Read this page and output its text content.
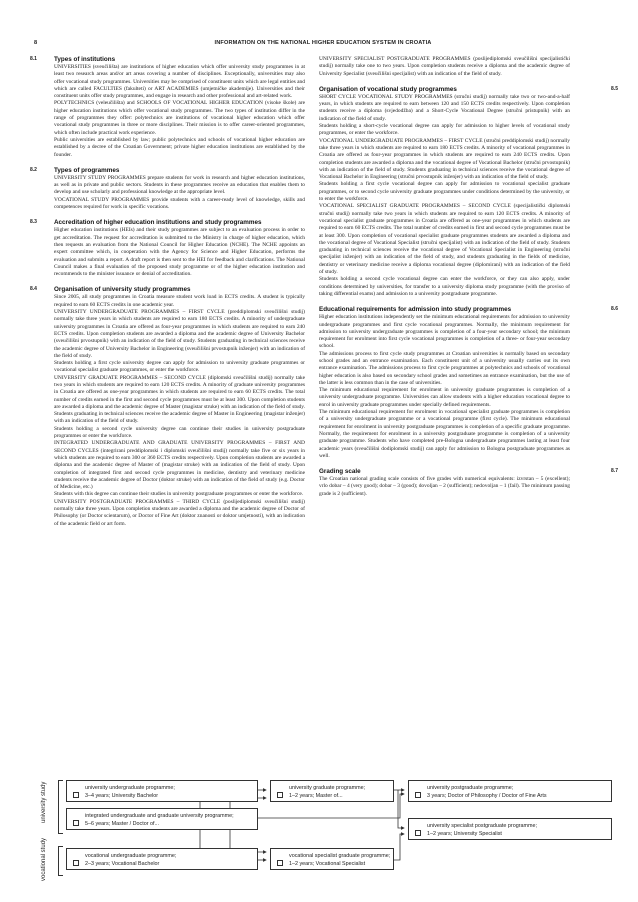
8	INFORMATION ON THE NATIONAL HIGHER EDUCATION SYSTEM IN CROATIA
8.1	Types of institutions

UNIVERSITIES (sveučilišta) are institutions of higher education which offer university study programmes in at least two research areas and/or art areas covering a number of disciplines. Exceptionally, universities may also offer vocational study programmes. Universities may be comprised of constituent units which are legal entities and which are called FACULTIES (fakulteti) or ART ACADEMIES (umjetničke akademije). Universities and their constituent units offer study programmes, and engage in research and other professional and art-related work.

POLYTECHNICS (veleučilišta) and SCHOOLS OF VOCATIONAL HIGHER EDUCATION (visoke škole) are higher education institutions which offer vocational study programmes. The two types of institution differ in the range of programmes they offer: polytechnics are institutions of vocational higher education which offer vocational study programmes in three or more disciplines. Their mission is to offer career-oriented programmes, which often include practical work experience.

Public universities are established by law; public polytechnics and schools of vocational higher education are established by a decree of the Croatian Government; private higher education institutions are established by the founder.

8.2	Types of programmes

UNIVERSITY STUDY PROGRAMMES prepare students for work in research and higher education institutions, as well as in private and public sectors. Students in these programmes receive an education that enables them to develop and use scholarly and professional knowledge at the appropriate level.

VOCATIONAL STUDY PROGRAMMES provide students with a career-ready level of knowledge, skills and competences required for work in specific vocations.

8.3	Accreditation of higher education institutions and study programmes

Higher education institutions (HEIs) and their study programmes are subject to an evaluation process in order to get accreditation. The request for accreditation is submitted to the Ministry in charge of higher education, which then requests an evaluation from the National Council for Higher Education (NCHE). The NCHE appoints an expert committee which, in cooperation with the Agency for Science and Higher Education, performs the evaluation and submits a report. A draft report is then sent to the HEI for feedback and clarifications. The National Council makes a final evaluation of the proposed study programme or of the higher education institution and recommends to the minister issuance or denial of accreditation.

8.4	Organisation of university study programmes

Since 2005, all study programmes in Croatia measure student work load in ECTS credits. A student is typically required to earn 60 ECTS credits in one academic year.

UNIVERSITY UNDERGRADUATE PROGRAMMES – FIRST CYCLE (preddiplomski sveučilišni studij) normally take three years in which students are required to earn 180 ECTS credits. A minority of undergraduate university programmes in Croatia are offered as four-year programmes in which students are required to earn 240 ECTS credits. Upon completion students are awarded a diploma and the academic degree of University Bachelor (sveučilišni prvostupnik) with an indication of the field of study. Students graduating in technical sciences receive the academic degree of University Bachelor in Engineering (sveučilišni prvostupnik inženjer) with an indication of the field of study.

Students holding a first cycle university degree can apply for admission to university graduate programmes or vocational specialist graduate programmes, or enter the workforce.

UNIVERSITY GRADUATE PROGRAMMES – SECOND CYCLE (diplomski sveučilišni studij) normally take two years in which students are required to earn 120 ECTS credits. A minority of graduate university programmes in Croatia are offered as one-year programmes in which students are required to earn 60 ECTS credits. The total number of credits earned in the first and second cycle programmes must be at least 300. Upon completion students are awarded a diploma and the academic degree of Master (magistar struke) with an indication of the field of study. Students graduating in technical sciences receive the academic degree of Master in Engineering (magistar inženjer) with an indication of the field of study.

Students holding a second cycle university degree can continue their studies in university postgraduate programmes or enter the workforce.

INTEGRATED UNDERGRADUATE AND GRADUATE UNIVERSITY PROGRAMMES – FIRST AND SECOND CYCLES (integrirani preddiplomski i diplomski sveučilišni studij) normally take five or six years in which students are required to earn 300 or 360 ECTS credits respectively. Upon completion students are awarded a diploma and the academic degree of Master of (magistar struke) with an indication of the field of study. Upon completion of integrated first and second cycle programmes in medicine, dentistry and veterinary medicine students receive the academic degree of Doctor (doktor struke) with an indication of the field of study (e.g. Doctor of Medicine, etc.)

Students with this degree can continue their studies in university postgraduate programmes or enter the workforce.

UNIVERSITY POSTGRADUATE PROGRAMMES – THIRD CYCLE (poslijediplomski sveučilišni studij) normally take three years. Upon completion students are awarded a diploma and the academic degree of Doctor of Philosophy (or Doctor scientarum), or Doctor of Fine Art (doktor znanosti or doktor umjetnosti), with an indication of the academic field or art form.

UNIVERSITY SPECIALIST POSTGRADUATE PROGRAMMES (poslijediplomski sveučilišni specijalistički studij) normally take one to two years. Upon completion students receive a diploma and the academic degree of University Specialist (sveučilišni specijalist) with an indication of the field of study.

8.5
Organisation of vocational study programmes

SHORT CYCLE VOCATIONAL STUDY PROGRAMMES (stručni studij) normally take two or two-and-a-half years, in which students are required to earn between 120 and 150 ECTS credits respectively. Upon completion students receive a diploma (svjedodžba) and a Short-Cycle Vocational Degree (stručni pristupnik) with an indication of the field of study.

Students holding a short-cycle vocational degree can apply for admission to higher levels of vocational study programmes, or enter the workforce.

VOCATIONAL UNDERGRADUATE PROGRAMMES – FIRST CYCLE (stručni preddiplomski studij) normally take three years in which students are required to earn 180 ECTS credits. A minority of vocational programmes in Croatia are offered as four-year programmes in which students are required to earn 240 ECTS credits. Upon completion students are awarded a diploma and the vocational degree of Vocational Bachelor (stručni prvostupnik) with an indication of the field of study. Students graduating in technical sciences receive the vocational degree of Vocational Bachelor in Engineering (stručni prvostupnik inženjer) with an indication of the field of study.

Students holding a first cycle vocational degree can apply for admission to vocational specialist graduate programmes, or to second cycle university graduate programmes under conditions determined by the university, or to enter the workforce.

VOCATIONAL SPECIALIST GRADUATE PROGRAMMES – SECOND CYCLE (specijalistički diplomski stručni studij) normally take two years in which students are required to earn 120 ECTS credits. A minority of vocational specialist graduate programmes in Croatia are offered as one-year programmes in which students are required to earn 60 ECTS credits. The total number of credits earned in first and second cycle programmes must be at least 300. Upon completion of vocational specialist graduate programmes students are awarded a diploma and the vocational degree of Vocational Specialist (stručni specijalist) with an indication of the field of study. Students graduating in technical sciences receive the vocational degree of Vocational Specialist in Engineering (stručni specijalist inženjer) with an indication of the field of study, and students graduating in the fields of medicine, dentistry or veterinary medicine receive a diploma vocational degree (diplomirani) with an indication of the field of study.

Students holding a second cycle vocational degree can enter the workforce, or they can also apply, under conditions determined by universities, for transfer to a university diploma study programme (with the proviso of taking differential exams) and admission to a university postgraduate programme.

8.6
Educational requirements for admission into study programmes

Higher education institutions independently set the minimum educational requirements for admission to university undergraduate programmes and first cycle vocational programmes. Normally, the minimum requirement for admission to university undergraduate programmes is completion of a four-year secondary school; the minimum requirement for enrolment into first cycle vocational programmes is completion of a three- or four-year secondary school.

The admissions process to first cycle study programmes at Croatian universities is normally based on secondary school grades and an entrance examination. Each constituent unit of a university usually carries out its own entrance examination. The admissions process to first cycle programmes at polytechnics and schools of vocational higher education is also based on secondary school grades and sometimes an entrance examination, but the use of the latter is less common than in the case of universities.

The minimum educational requirement for enrolment in university graduate programmes is completion of a university undergraduate programme. Universities can allow students with a higher education vocational degree to enrol in university graduate programmes under specially defined requirements.

The minimum educational requirement for enrolment in vocational specialist graduate programmes is completion of a university undergraduate programme or a vocational programme (first cycle). The minimum educational requirement for enrolment in university postgraduate programmes is completion of a specific graduate programme. Normally, the requirement for enrolment in a university postgraduate programme is completion of a university graduate programme. Students who have completed pre-Bologna undergraduate programmes lasting at least four academic years (sveučilišni dodiplomski studij) can apply for admission to Bologna postgraduate programmes as well.

8.7
Grading scale

The Croatian national grading scale consists of five grades with numerical equivalents: izvrstan – 5 (excellent); vrlo dobar – 4 (very good); dobar – 3 (good); dovoljan – 2 (sufficient); nedovoljan – 1 (fail). The minimum passing grade is 2 (sufficient).

university study
vocational study
university undergraduate programme;
3–4 years; University Bachelor
integrated undergraduate and graduate university programme;
5–6 years; Master / Doctor of...
university graduate programme;
1–2 years; Master of...
university postgraduate programme;
3 years; Doctor of Philosophy / Doctor of Fine Arts
university specialist postgraduate programme;
1–2 years; University Specialist
vocational undergraduate programme;
2–3 years; Vocational Bachelor
vocational specialist graduate programme;
1–2 years; Vocational Specialist
